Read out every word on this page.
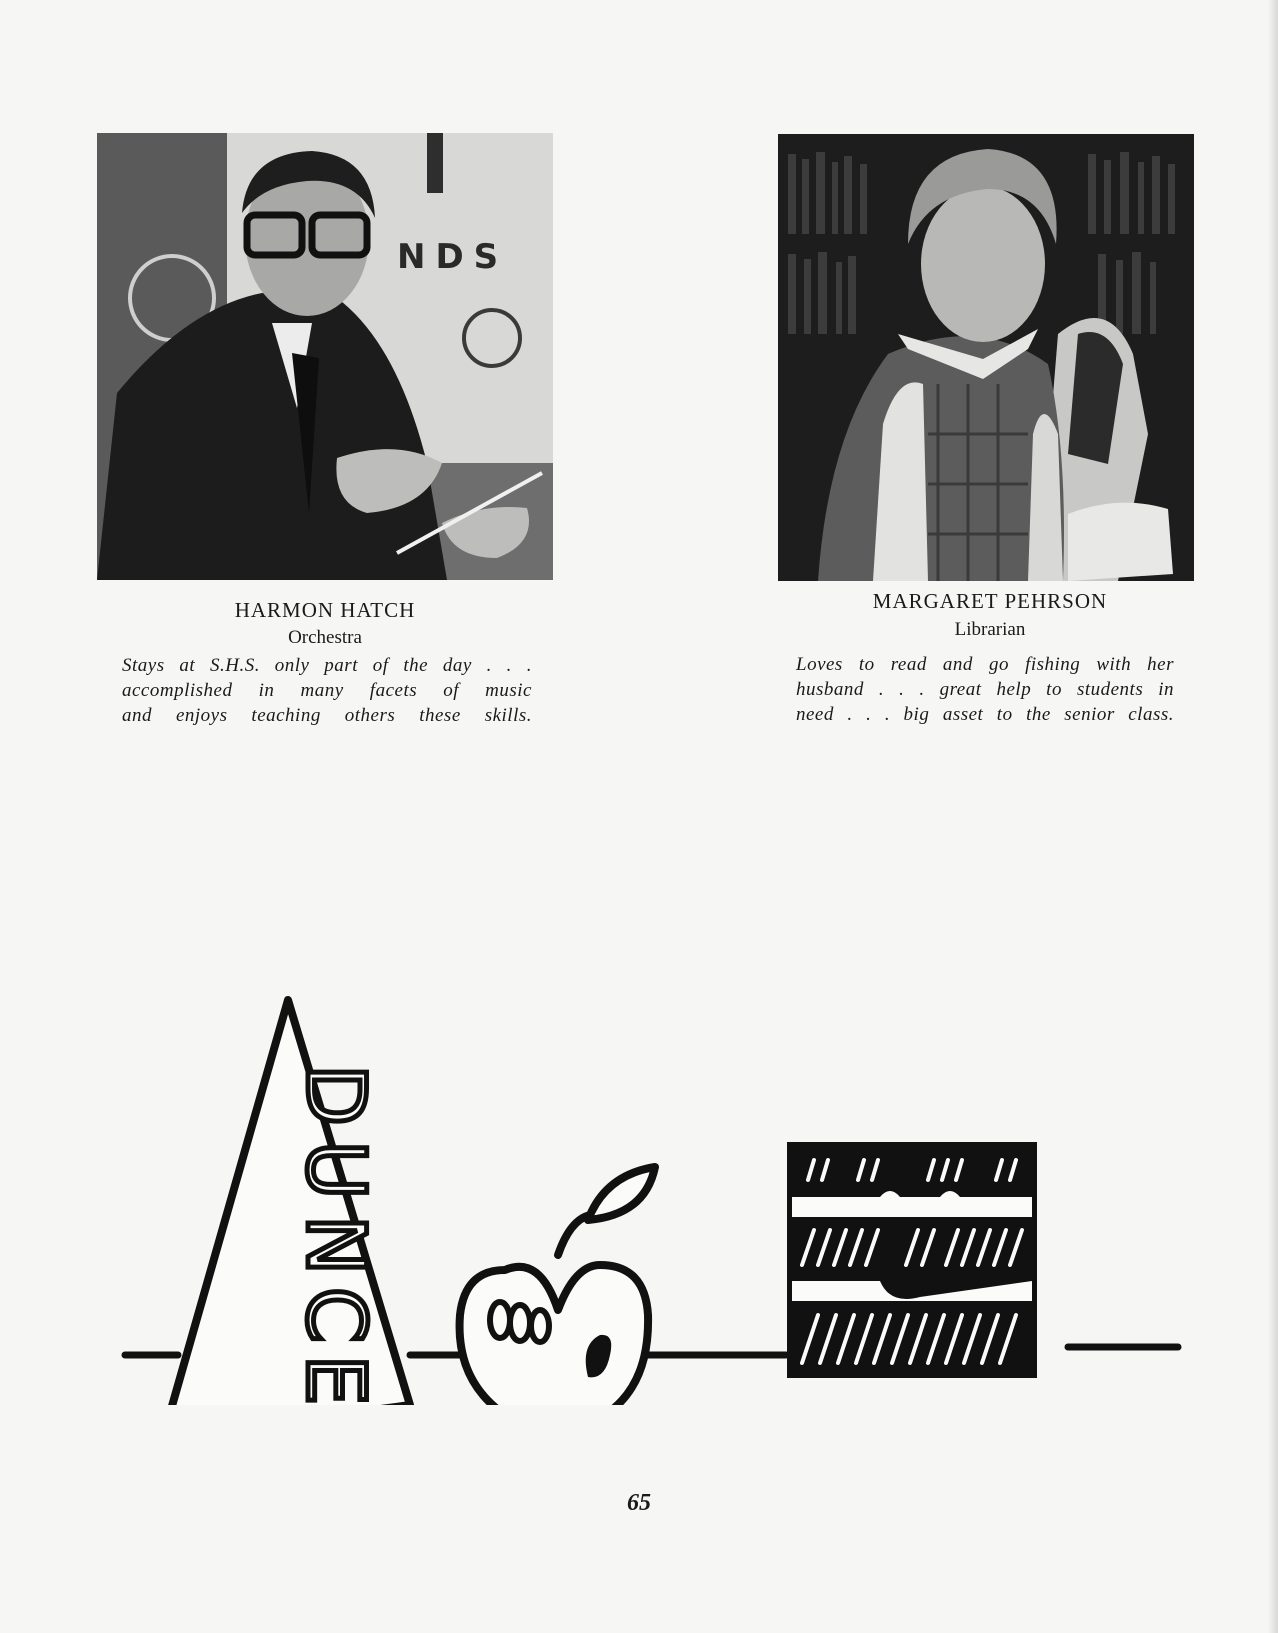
NDS
HARMON HATCH
Orchestra
Stays at S.H.S. only part of the day . . .
accomplished in many facets of music
and enjoys teaching others these skills.
MARGARET PEHRSON
Librarian
Loves to read and go fishing with her
husband . . . great help to students in
need . . . big asset to the senior class.
D
U
N
C
E
65
